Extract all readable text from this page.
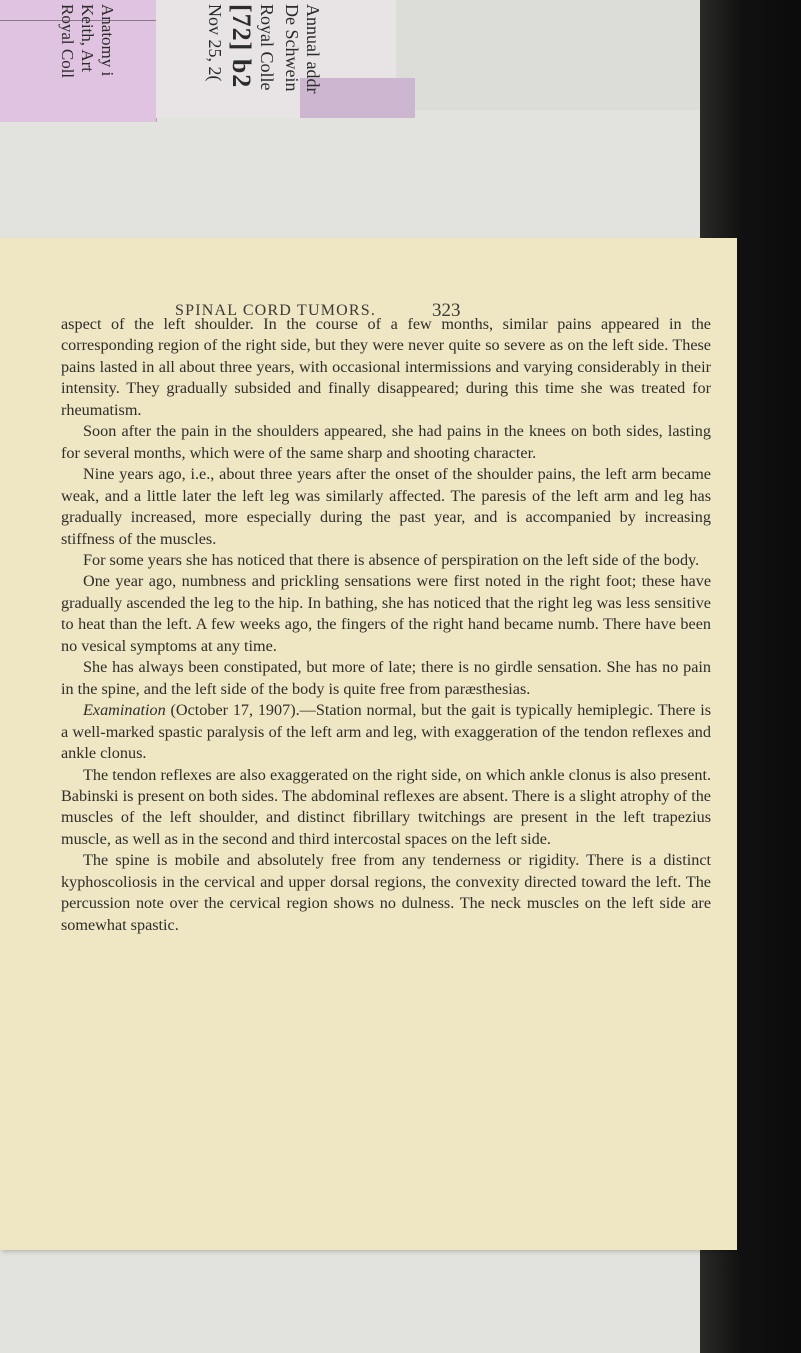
Anatomy i
Keith, Art
Royal Coll	Annual addr
De Schwein
Royal Colle
[72] b2
Nov 25, 2(
SPINAL CORD TUMORS.	323

aspect of the left shoulder. In the course of a few months, similar pains appeared in the corresponding region of the right side, but they were never quite so severe as on the left side. These pains lasted in all about three years, with occasional intermissions and varying considerably in their intensity. They gradually subsided and finally disappeared; during this time she was treated for rheumatism.

Soon after the pain in the shoulders appeared, she had pains in the knees on both sides, lasting for several months, which were of the same sharp and shooting character.

Nine years ago, i.e., about three years after the onset of the shoulder pains, the left arm became weak, and a little later the left leg was similarly affected. The paresis of the left arm and leg has gradually increased, more especially during the past year, and is accompanied by increasing stiffness of the muscles.

For some years she has noticed that there is absence of perspiration on the left side of the body.

One year ago, numbness and prickling sensations were first noted in the right foot; these have gradually ascended the leg to the hip. In bathing, she has noticed that the right leg was less sensitive to heat than the left. A few weeks ago, the fingers of the right hand became numb. There have been no vesical symptoms at any time.

She has always been constipated, but more of late; there is no girdle sensation. She has no pain in the spine, and the left side of the body is quite free from paræsthesias.

Examination (October 17, 1907).—Station normal, but the gait is typically hemiplegic. There is a well-marked spastic paralysis of the left arm and leg, with exaggeration of the tendon reflexes and ankle clonus.

The tendon reflexes are also exaggerated on the right side, on which ankle clonus is also present. Babinski is present on both sides. The abdominal reflexes are absent. There is a slight atrophy of the muscles of the left shoulder, and distinct fibrillary twitchings are present in the left trapezius muscle, as well as in the second and third intercostal spaces on the left side.

The spine is mobile and absolutely free from any tenderness or rigidity. There is a distinct kyphoscoliosis in the cervical and upper dorsal regions, the convexity directed toward the left. The percussion note over the cervical region shows no dulness. The neck muscles on the left side are somewhat spastic.
